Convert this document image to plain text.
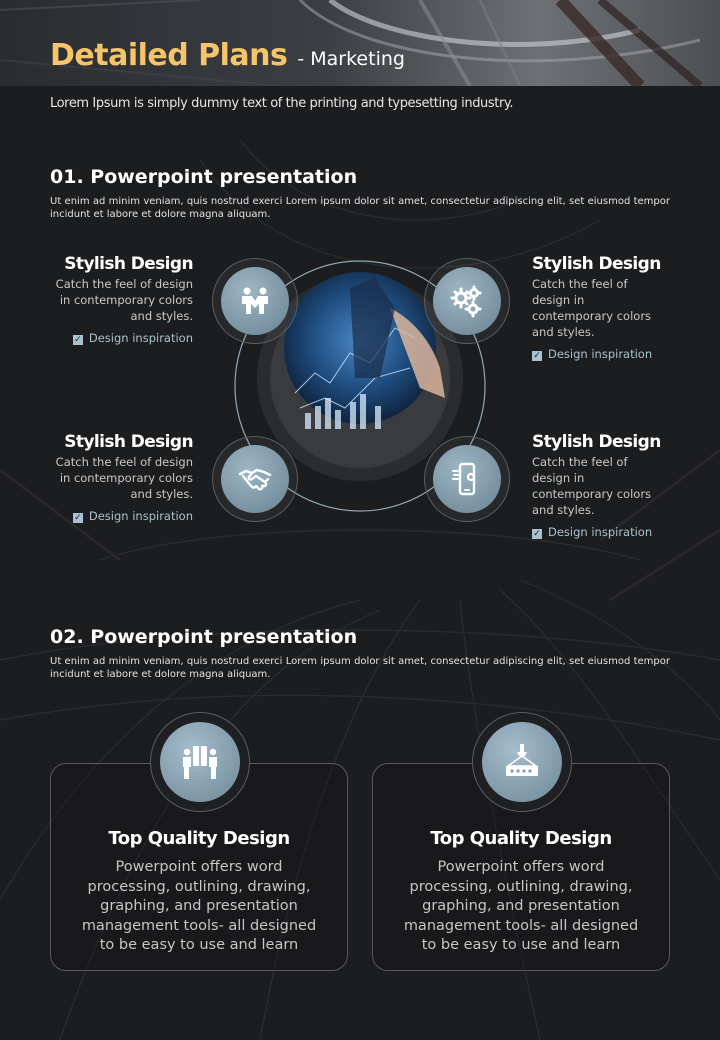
Detailed Plans - Marketing
Lorem Ipsum is simply dummy text of the printing and typesetting industry.
01. Powerpoint presentation

Ut enim ad minim veniam, quis nostrud exerci Lorem ipsum dolor sit amet, consectetur adipiscing elit, set eiusmod tempor incidunt et labore et dolore magna aliquam.

Stylish Design

Catch the feel of design in contemporary colors and styles.

✓ Design inspiration
Stylish Design

Catch the feel of design in contemporary colors and styles.

✓ Design inspiration
Stylish Design

Catch the feel of design in contemporary colors and styles.

✓ Design inspiration
Stylish Design

Catch the feel of design in contemporary colors and styles.

✓ Design inspiration
02. Powerpoint presentation

Ut enim ad minim veniam, quis nostrud exerci Lorem ipsum dolor sit amet, consectetur adipiscing elit, set eiusmod tempor incidunt et labore et dolore magna aliquam.

Top Quality Design

Powerpoint offers word processing, outlining, drawing, graphing, and presentation management tools- all designed to be easy to use and learn

Top Quality Design

Powerpoint offers word processing, outlining, drawing, graphing, and presentation management tools- all designed to be easy to use and learn
